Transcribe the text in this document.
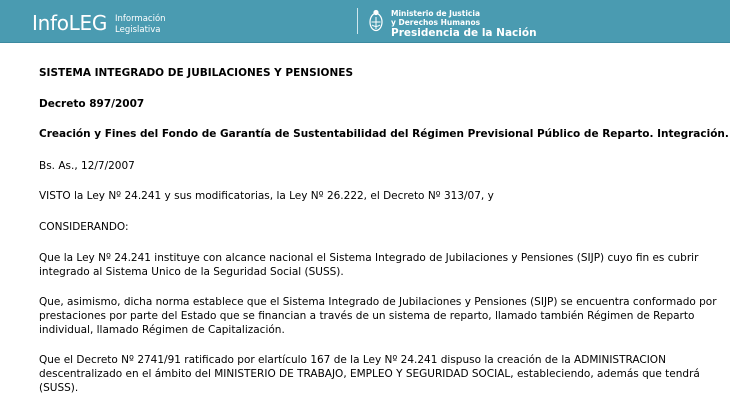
InfoLEG Información
Legislativa
Ministerio de Justicia
y Derechos Humanos
Presidencia de la Nación
SISTEMA INTEGRADO DE JUBILACIONES Y PENSIONES
Decreto 897/2007
Creación y Fines del Fondo de Garantía de Sustentabilidad del Régimen Previsional Público de Reparto. Integración.
Bs. As., 12/7/2007
VISTO la Ley Nº 24.241 y sus modificatorias, la Ley Nº 26.222, el Decreto Nº 313/07, y
CONSIDERANDO:
Que la Ley Nº 24.241 instituye con alcance nacional el Sistema Integrado de Jubilaciones y Pensiones (SIJP) cuyo fin es cubrir
integrado al Sistema Unico de la Seguridad Social (SUSS).
Que, asimismo, dicha norma establece que el Sistema Integrado de Jubilaciones y Pensiones (SIJP) se encuentra conformado por
prestaciones por parte del Estado que se financian a través de un sistema de reparto, llamado también Régimen de Reparto
individual, llamado Régimen de Capitalización.
Que el Decreto Nº 2741/91 ratificado por elartículo 167 de la Ley Nº 24.241 dispuso la creación de la ADMINISTRACION
descentralizado en el ámbito del MINISTERIO DE TRABAJO, EMPLEO Y SEGURIDAD SOCIAL, estableciendo, además que tendrá
(SUSS).
